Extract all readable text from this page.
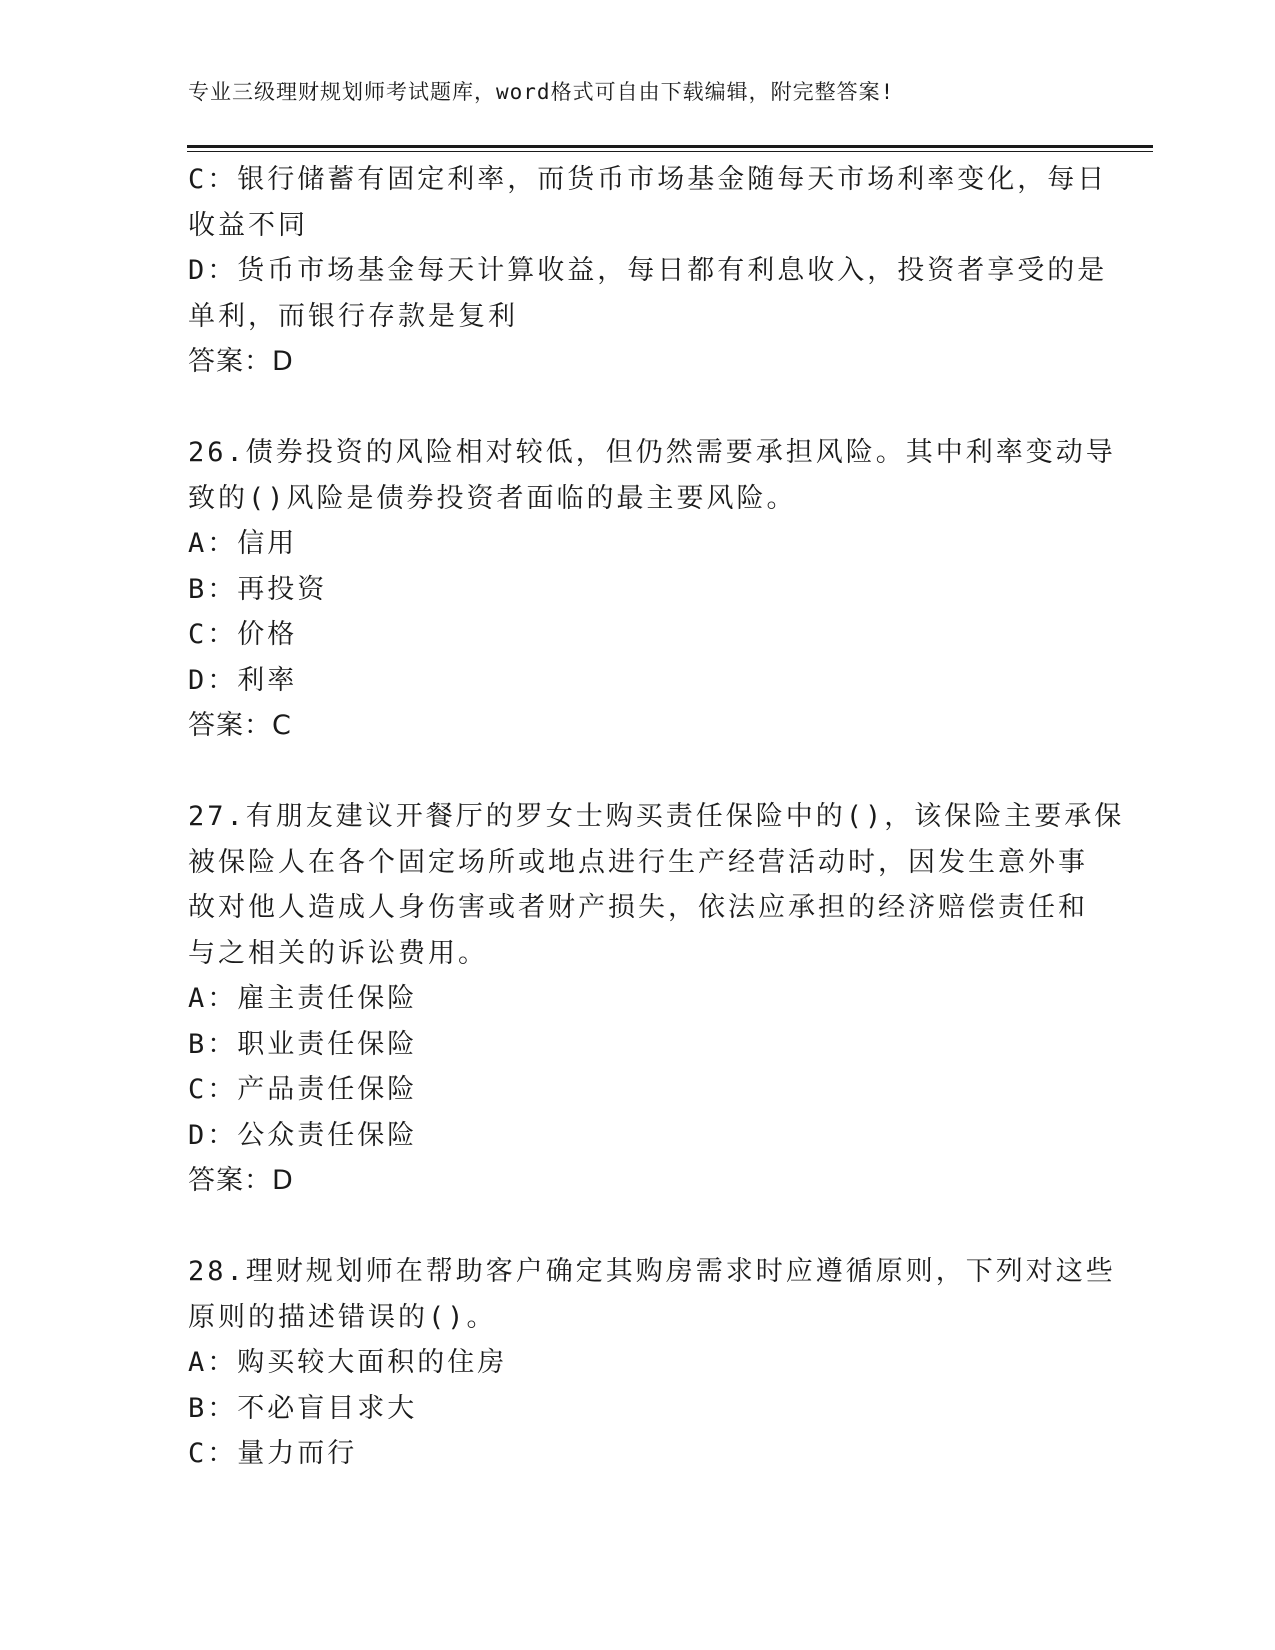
专业三级理财规划师考试题库，word格式可自由下载编辑，附完整答案!
C：银行储蓄有固定利率，而货币市场基金随每天市场利率变化，每日
收益不同
D：货币市场基金每天计算收益，每日都有利息收入，投资者享受的是
单利，而银行存款是复利
答案：D
26.债券投资的风险相对较低，但仍然需要承担风险。其中利率变动导
致的()风险是债券投资者面临的最主要风险。
A：信用
B：再投资
C：价格
D：利率
答案：C
27.有朋友建议开餐厅的罗女士购买责任保险中的()，该保险主要承保
被保险人在各个固定场所或地点进行生产经营活动时，因发生意外事
故对他人造成人身伤害或者财产损失，依法应承担的经济赔偿责任和
与之相关的诉讼费用。
A：雇主责任保险
B：职业责任保险
C：产品责任保险
D：公众责任保险
答案：D
28.理财规划师在帮助客户确定其购房需求时应遵循原则，下列对这些
原则的描述错误的()。
A：购买较大面积的住房
B：不必盲目求大
C：量力而行
